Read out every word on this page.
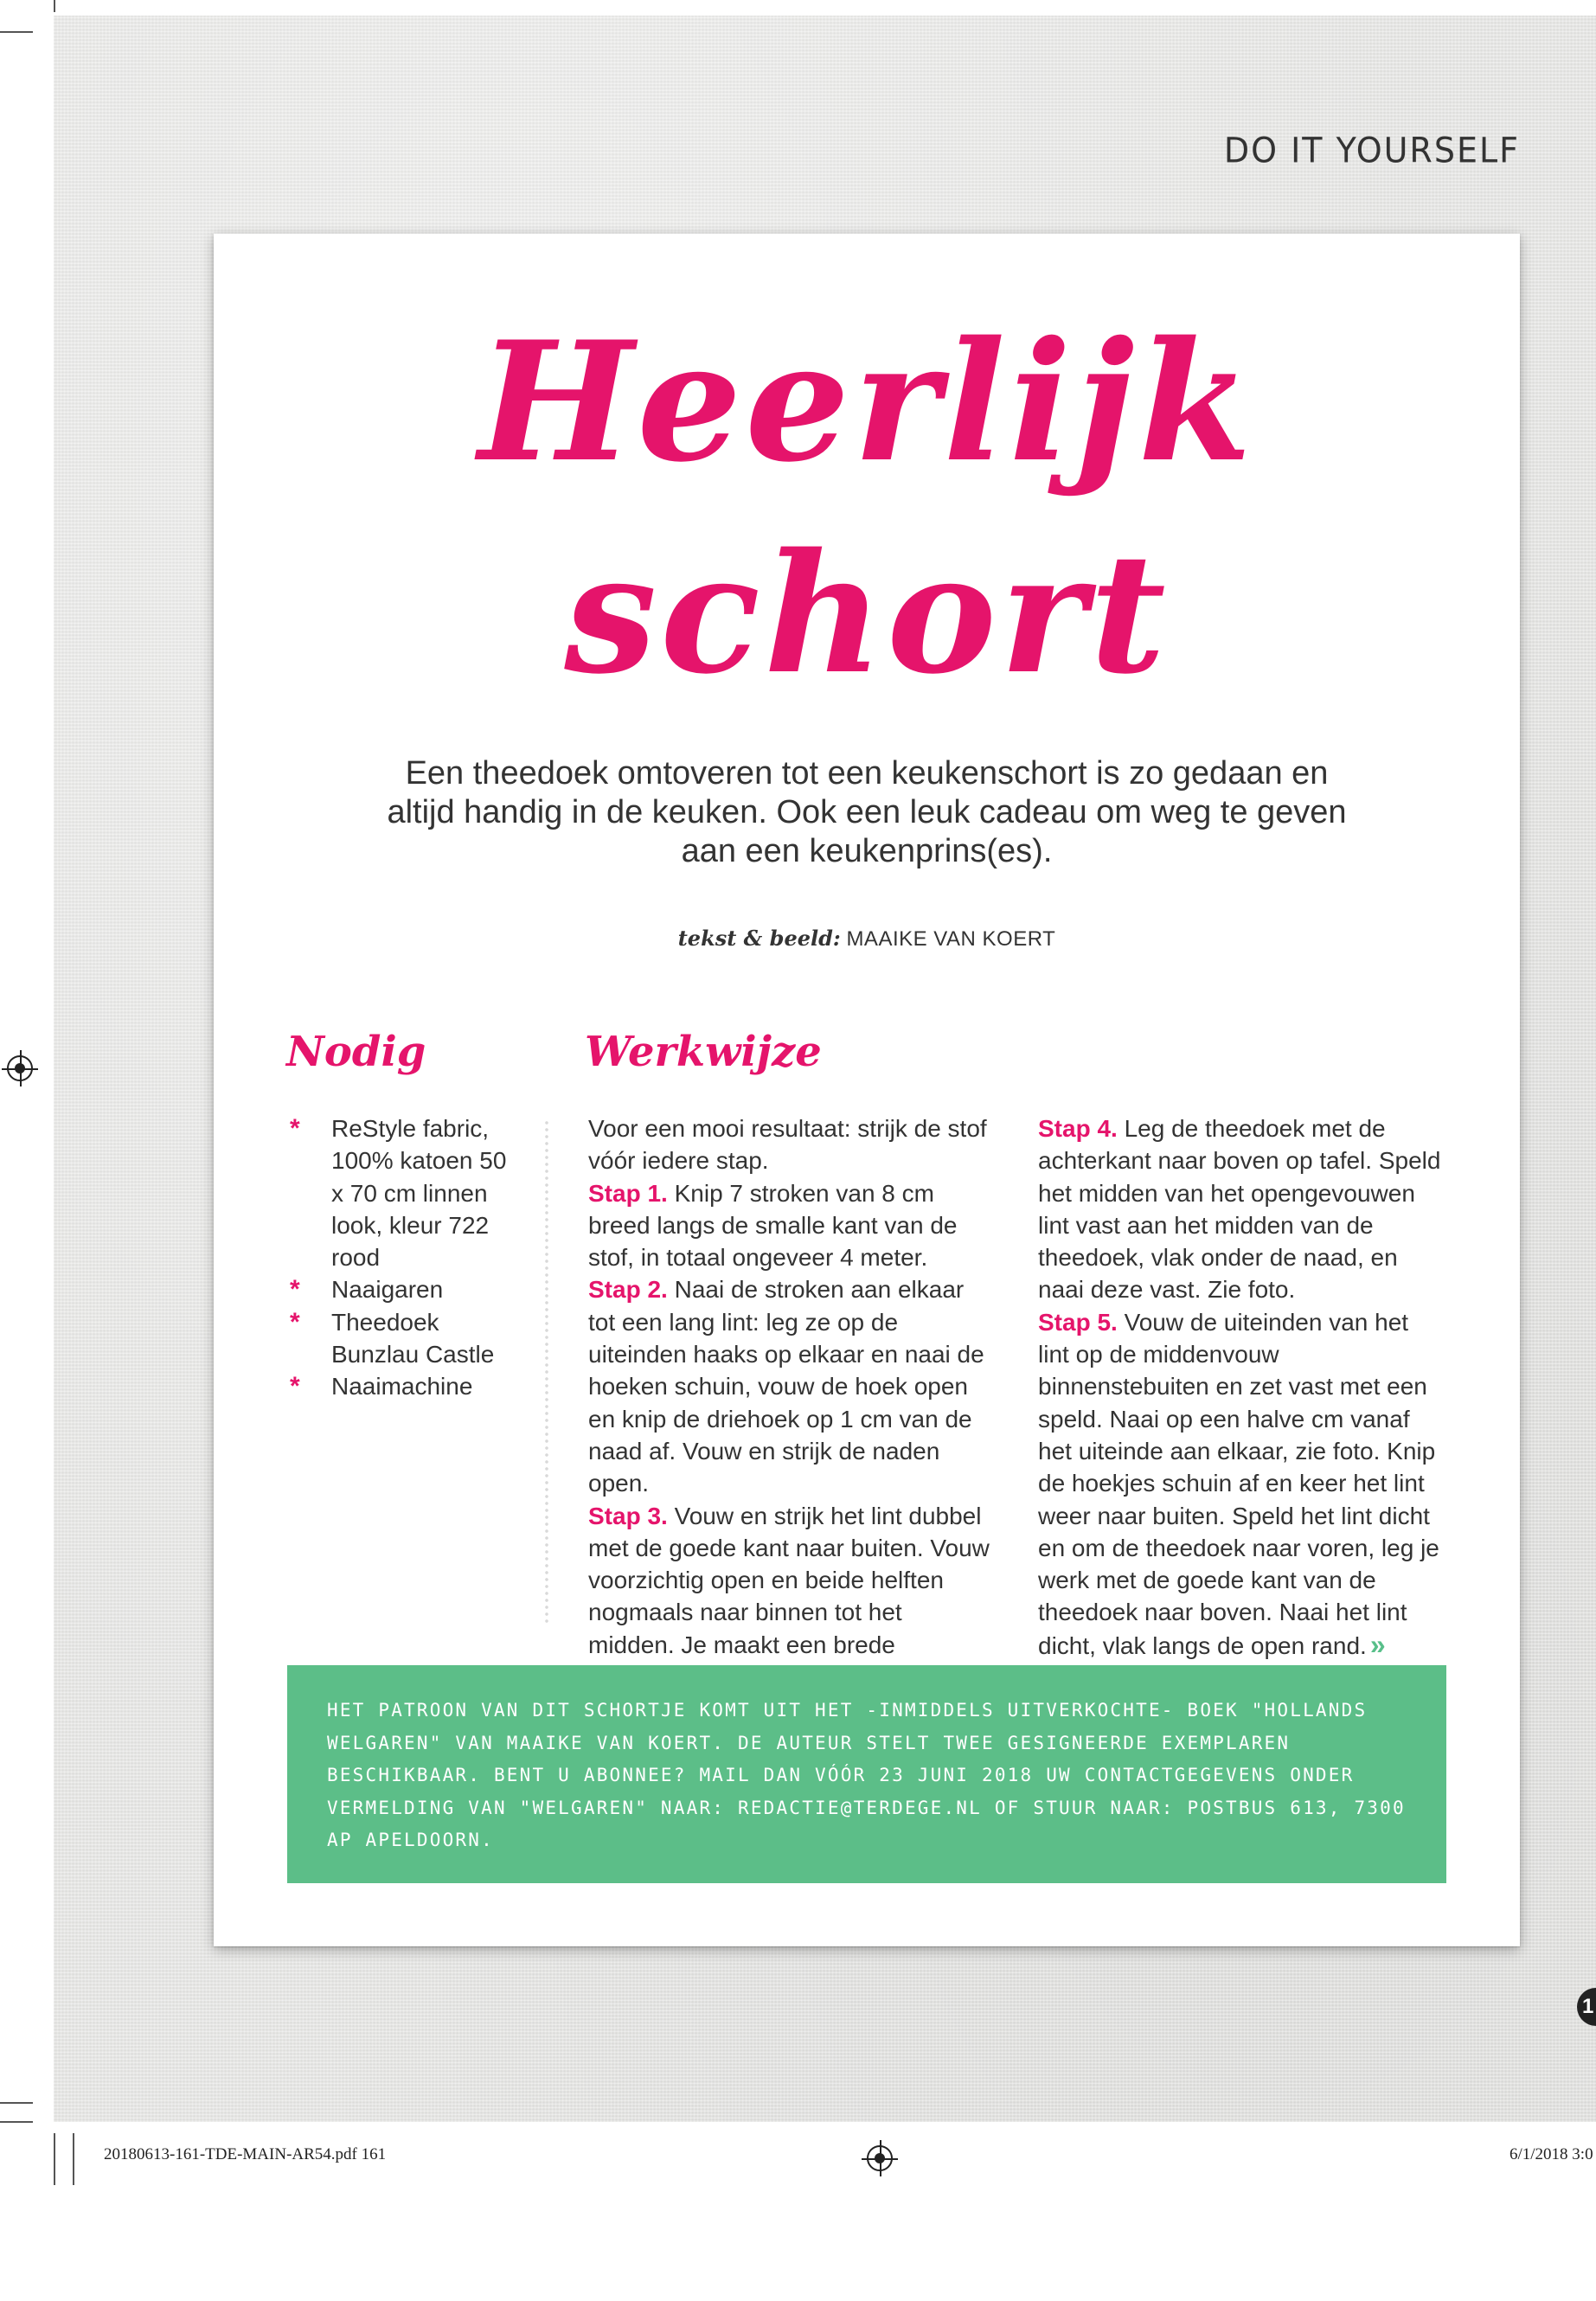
DO IT YOURSELF
Heerlijk
schort
Een theedoek omtoveren tot een keukenschort is zo gedaan en altijd handig in de keuken. Ook een leuk cadeau om weg te geven aan een keukenprins(es).
tekst & beeld: MAAIKE VAN KOERT
Nodig	Werkwijze
* ReStyle fabric, 100% katoen 50 x 70 cm linnen look, kleur 722 rood
* Naaigaren
* Theedoek Bunzlau Castle
* Naaimachine

Voor een mooi resultaat: strijk de stof vóór iedere stap.

Stap 1. Knip 7 stroken van 8 cm breed langs de smalle kant van de stof, in totaal ongeveer 4 meter.

Stap 2. Naai de stroken aan elkaar tot een lang lint: leg ze op de uiteinden haaks op elkaar en naai de hoeken schuin, vouw de hoek open en knip de driehoek op 1 cm van de naad af. Vouw en strijk de naden open.

Stap 3. Vouw en strijk het lint dubbel met de goede kant naar buiten. Vouw voorzichtig open en beide helften nogmaals naar binnen tot het midden. Je maakt een brede

Stap 4. Leg de theedoek met de achterkant naar boven op tafel. Speld het midden van het opengevouwen lint vast aan het midden van de theedoek, vlak onder de naad, en naai deze vast. Zie foto.

Stap 5. Vouw de uiteinden van het lint op de middenvouw binnenstebuiten en zet vast met een speld. Naai op een halve cm vanaf het uiteinde aan elkaar, zie foto. Knip de hoekjes schuin af en keer het lint weer naar buiten. Speld het lint dicht en om de theedoek naar voren, leg je werk met de goede kant van de theedoek naar boven. Naai het lint dicht, vlak langs de open rand. »

HET PATROON VAN DIT SCHORTJE KOMT UIT HET -INMIDDELS UITVERKOCHTE- BOEK "HOLLANDS WELGAREN" VAN MAAIKE VAN KOERT. DE AUTEUR STELT TWEE GESIGNEERDE EXEMPLAREN BESCHIKBAAR. BENT U ABONNEE? MAIL DAN VÓÓR 23 JUNI 2018 UW CONTACTGEGEVENS ONDER VERMELDING VAN "WELGAREN" NAAR: REDACTIE@TERDEGE.NL OF STUUR NAAR: POSTBUS 613, 7300 AP APELDOORN.

1
20180613-161-TDE-MAIN-AR54.pdf 161	6/1/2018 3:0
